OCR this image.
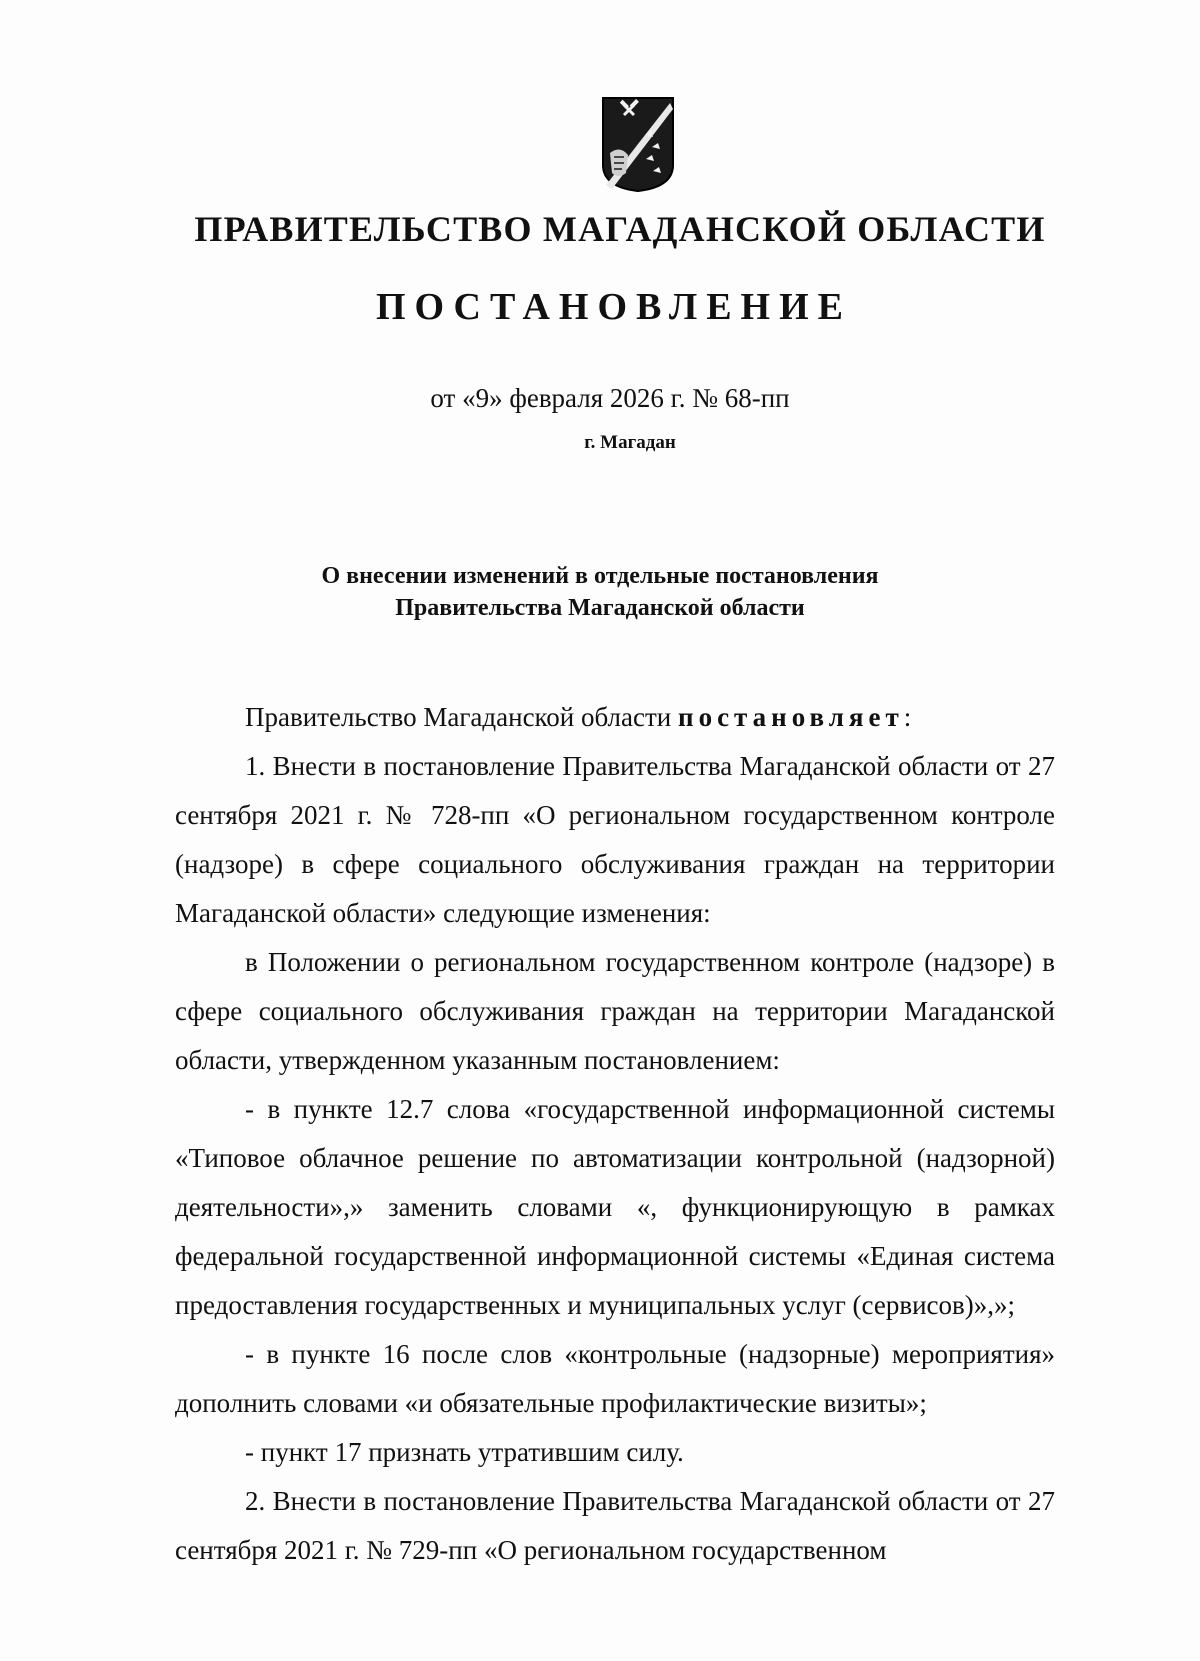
ПРАВИТЕЛЬСТВО МАГАДАНСКОЙ ОБЛАСТИ
ПОСТАНОВЛЕНИЕ
от «9» февраля 2026 г. № 68-пп
г. Магадан
О внесении изменений в отдельные постановления
Правительства Магаданской области

Правительство Магаданской области постановляет:

1. Внести в постановление Правительства Магаданской области от 27 сентября 2021 г. № 728-пп «О региональном государственном контроле (надзоре) в сфере социального обслуживания граждан на территории Магаданской области» следующие изменения:

в Положении о региональном государственном контроле (надзоре) в сфере социального обслуживания граждан на территории Магаданской области, утвержденном указанным постановлением:

- в пункте 12.7 слова «государственной информационной системы «Типовое облачное решение по автоматизации контрольной (надзорной) деятельности»,» заменить словами «, функционирующую в рамках федеральной государственной информационной системы «Единая система предоставления государственных и муниципальных услуг (сервисов)»,»;

- в пункте 16 после слов «контрольные (надзорные) мероприятия» дополнить словами «и обязательные профилактические визиты»;

- пункт 17 признать утратившим силу.

2. Внести в постановление Правительства Магаданской области от 27 сентября 2021 г. № 729-пп «О региональном государственном
